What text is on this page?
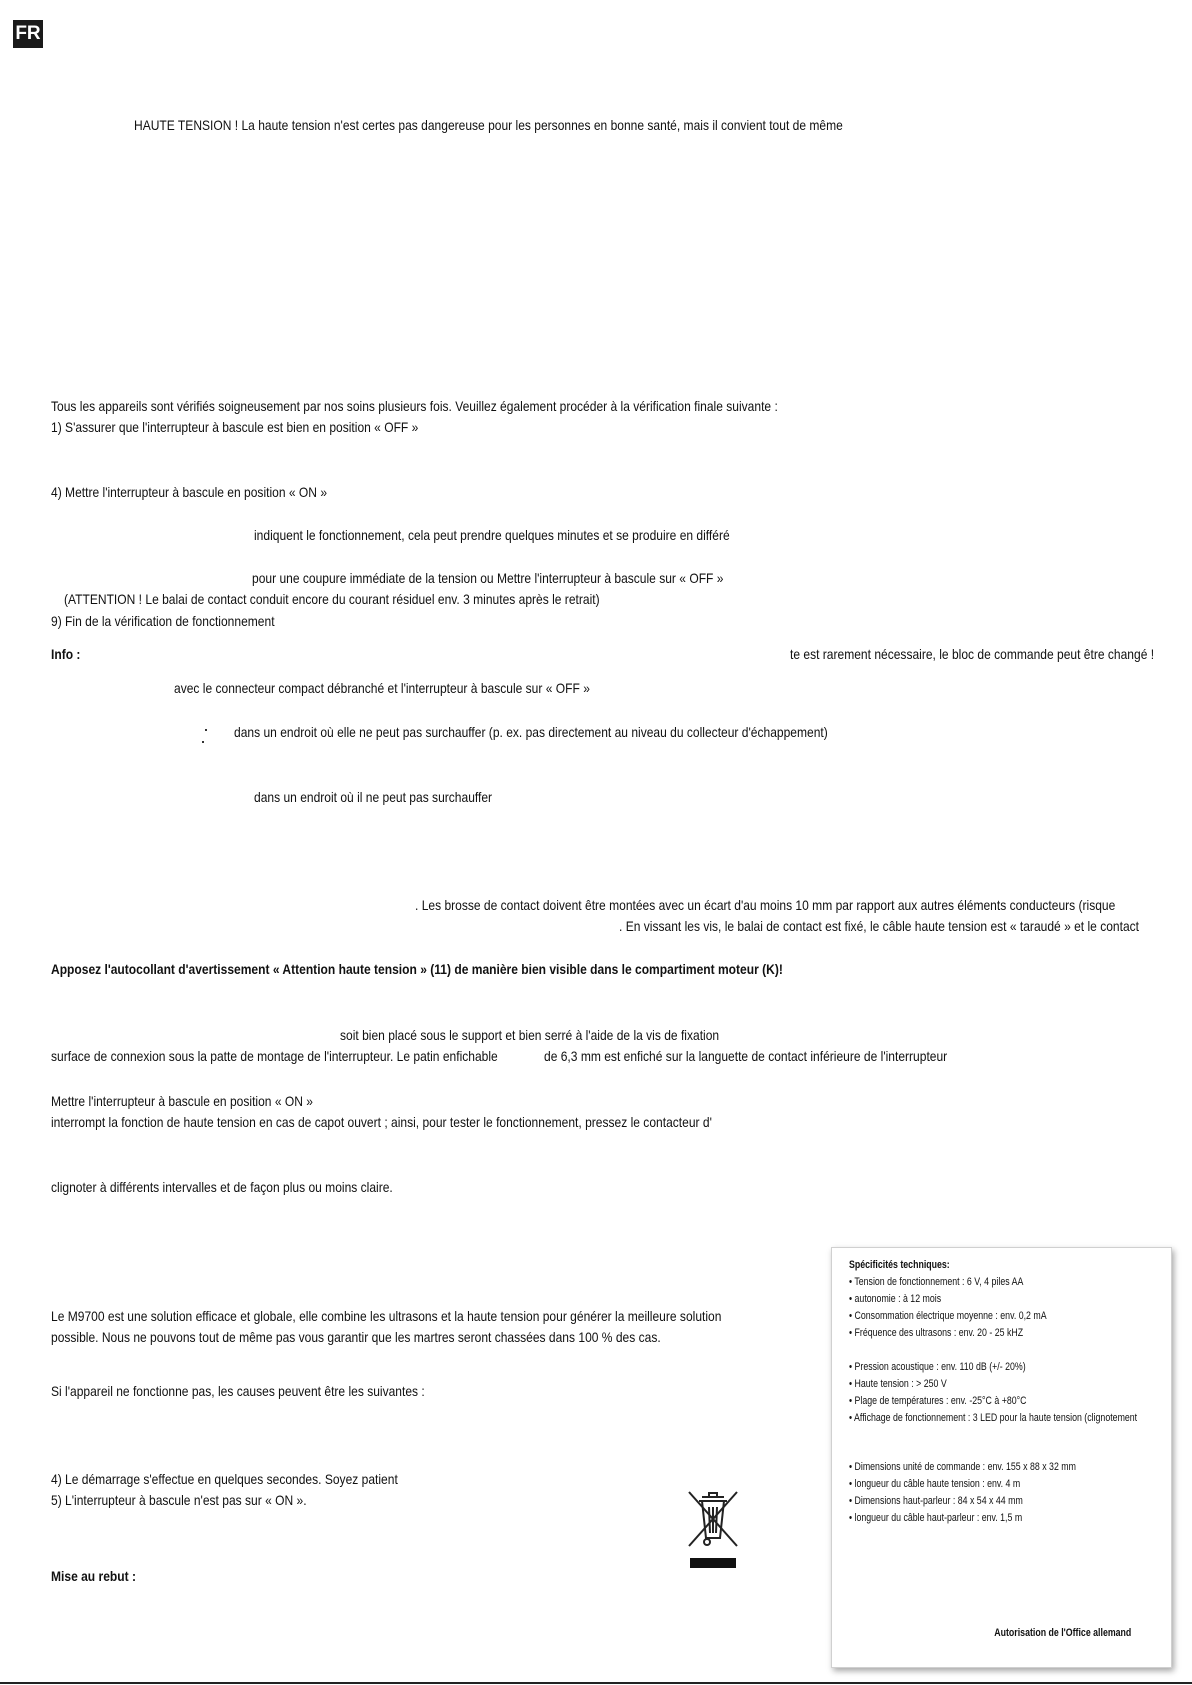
FR
HAUTE TENSION ! La haute tension n'est certes pas dangereuse pour les personnes en bonne santé, mais il convient tout de même
Tous les appareils sont vérifiés soigneusement par nos soins plusieurs fois. Veuillez également procéder à la vérification finale suivante :
1) S'assurer que l'interrupteur à bascule est bien en position « OFF »
4) Mettre l'interrupteur à bascule en position « ON »
indiquent le fonctionnement, cela peut prendre quelques minutes et se produire en différé
pour une coupure immédiate de la tension ou Mettre l'interrupteur à bascule sur « OFF »
(ATTENTION ! Le balai de contact conduit encore du courant résiduel env. 3 minutes après le retrait)
9) Fin de la vérification de fonctionnement
Info :	te est rarement nécessaire, le bloc de commande peut être changé !
avec le connecteur compact débranché et l'interrupteur à bascule sur « OFF »
dans un endroit où elle ne peut pas surchauffer (p. ex. pas directement au niveau du collecteur d'échappement)
dans un endroit où il ne peut pas surchauffer
. Les brosse de contact doivent être montées avec un écart d'au moins 10 mm par rapport aux autres éléments conducteurs (risque
. En vissant les vis, le balai de contact est fixé, le câble haute tension est « taraudé » et le contact
Apposez l'autocollant d'avertissement « Attention haute tension » (11) de manière bien visible dans le compartiment moteur (K)!
soit bien placé sous le support et bien serré à l'aide de la vis de fixation
surface de connexion sous la patte de montage de l'interrupteur. Le patin enfichable	de 6,3 mm est enfiché sur la languette de contact inférieure de l'interrupteur
Mettre l'interrupteur à bascule en position « ON »
interrompt la fonction de haute tension en cas de capot ouvert ; ainsi, pour tester le fonctionnement, pressez le contacteur d'
clignoter à différents intervalles et de façon plus ou moins claire.
Le M9700 est une solution efficace et globale, elle combine les ultrasons et la haute tension pour générer la meilleure solution
possible. Nous ne pouvons tout de même pas vous garantir que les martres seront chassées dans 100 % des cas.
Si l'appareil ne fonctionne pas, les causes peuvent être les suivantes :
4) Le démarrage s'effectue en quelques secondes. Soyez patient
5) L'interrupteur à bascule n'est pas sur « ON ».
Mise au rebut :
Spécificités techniques:
• Tension de fonctionnement : 6 V, 4 piles AA
• autonomie : à 12 mois
• Consommation électrique moyenne : env. 0,2 mA
• Fréquence des ultrasons : env. 20 - 25 kHZ
• Pression acoustique : env. 110 dB (+/- 20%)
• Haute tension : > 250 V
• Plage de températures : env. -25°C à +80°C
• Affichage de fonctionnement : 3 LED pour la haute tension (clignotement
• Dimensions unité de commande : env. 155 x 88 x 32 mm
• longueur du câble haute tension : env. 4 m
• Dimensions haut-parleur : 84 x 54 x 44 mm
• longueur du câble haut-parleur : env. 1,5 m
Autorisation de l'Office allemand
